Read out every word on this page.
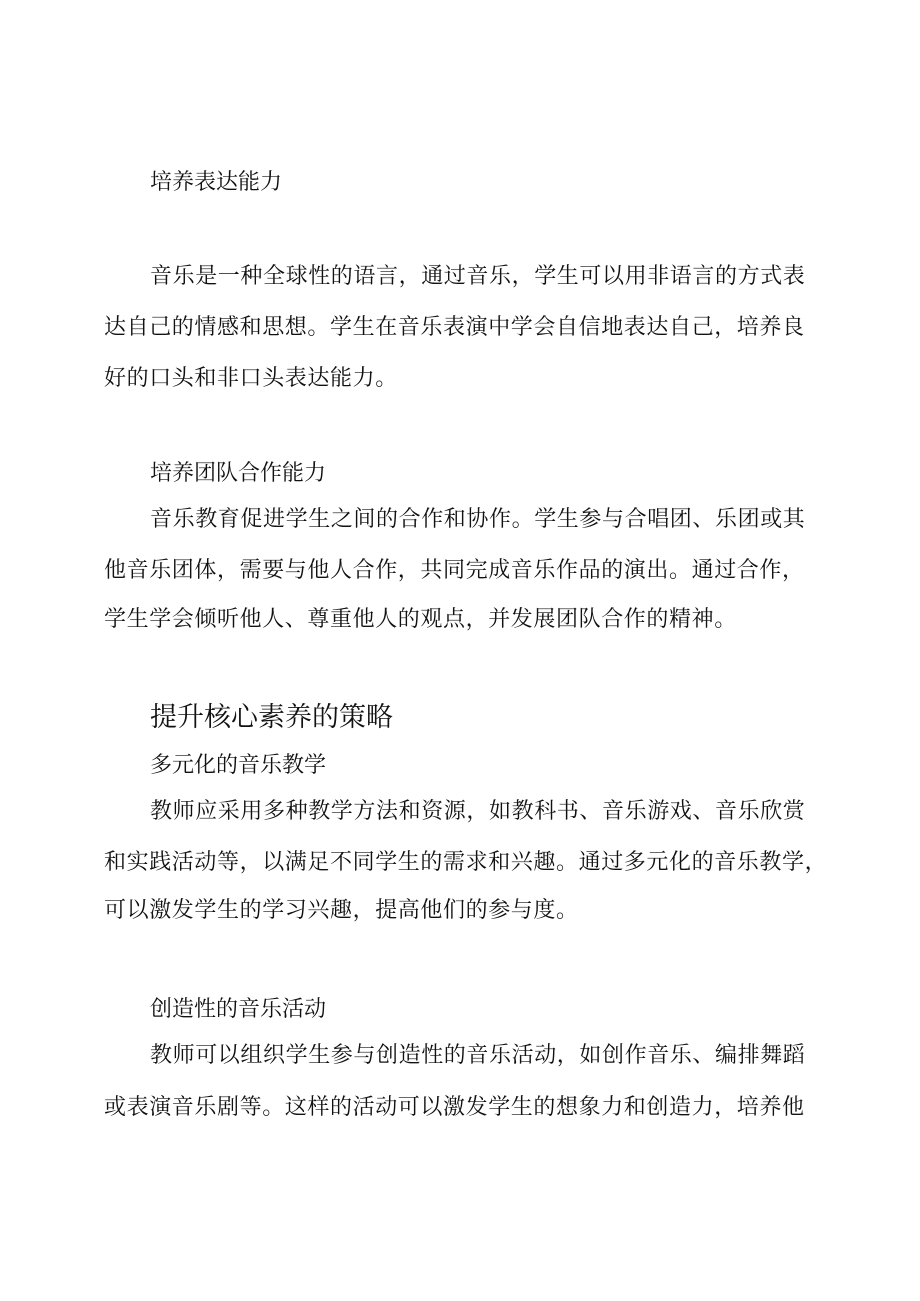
培养表达能力

音乐是一种全球性的语言，通过音乐，学生可以用非语言的方式表

达自己的情感和思想。学生在音乐表演中学会自信地表达自己，培养良

好的口头和非口头表达能力。

培养团队合作能力

音乐教育促进学生之间的合作和协作。学生参与合唱团、乐团或其

他音乐团体，需要与他人合作，共同完成音乐作品的演出。通过合作，

学生学会倾听他人、尊重他人的观点，并发展团队合作的精神。

提升核心素养的策略
多元化的音乐教学

教师应采用多种教学方法和资源，如教科书、音乐游戏、音乐欣赏

和实践活动等，以满足不同学生的需求和兴趣。通过多元化的音乐教学，

可以激发学生的学习兴趣，提高他们的参与度。

创造性的音乐活动

教师可以组织学生参与创造性的音乐活动，如创作音乐、编排舞蹈

或表演音乐剧等。这样的活动可以激发学生的想象力和创造力，培养他
